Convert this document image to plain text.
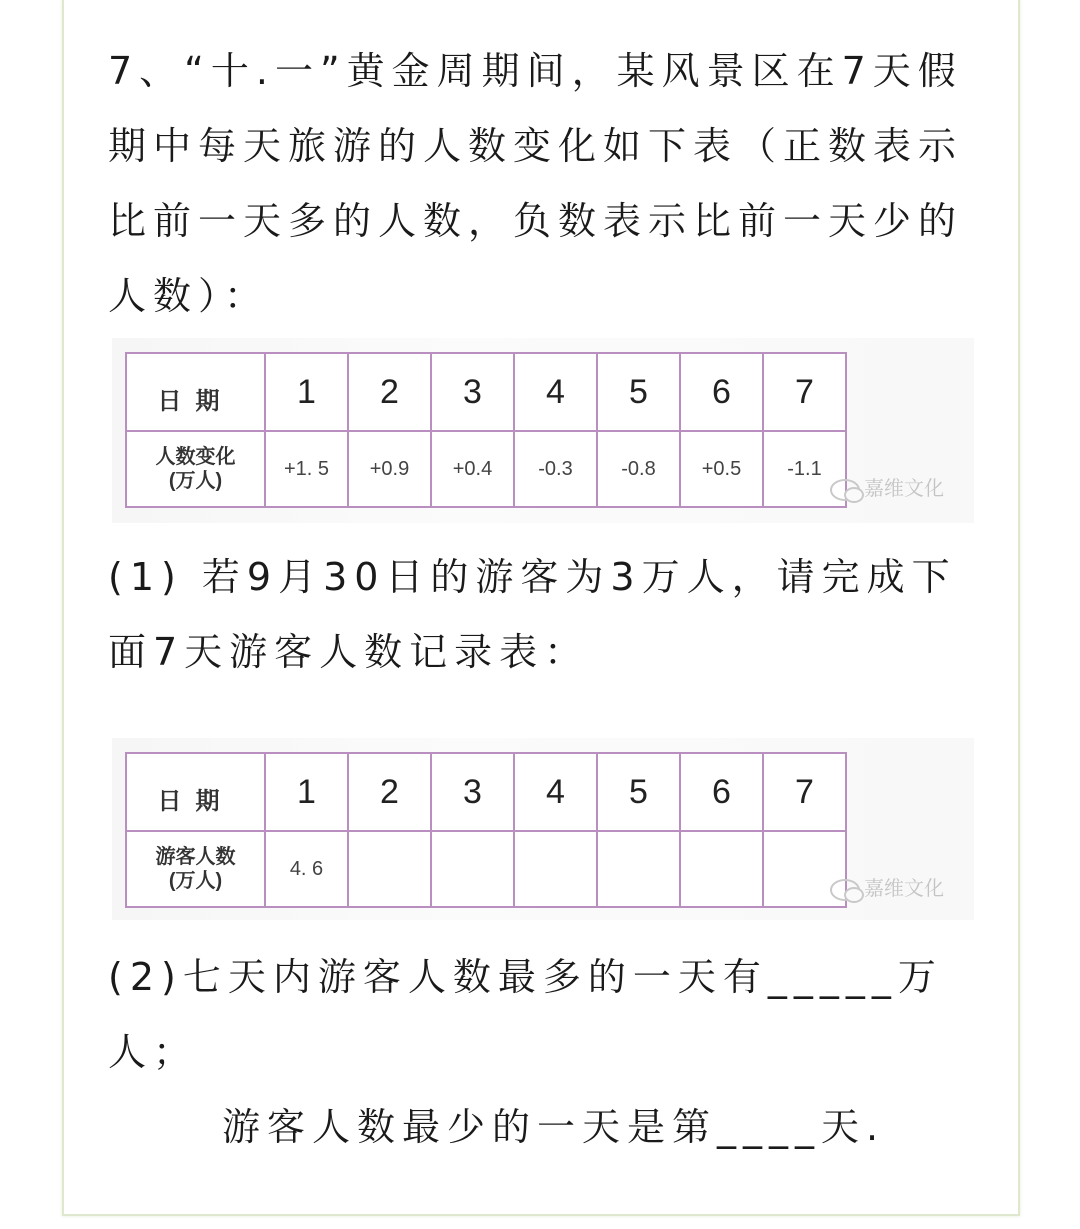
7、“十.一”黄金周期间，某风景区在7天假期中每天旅游的人数变化如下表（正数表示比前一天多的人数，负数表示比前一天少的人数）：

日期	1	2	3	4	5	6	7

人数变化
(万人)	+1. 5	+0.9	+0.4	-0.3	-0.8	+0.5	-1.1
嘉维文化

(1) 若9月30日的游客为3万人，请完成下面7天游客人数记录表：

日期	1	2	3	4	5	6	7

游客人数
(万人)	4. 6						
嘉维文化

(2)七天内游客人数最多的一天有_____万人；

游客人数最少的一天是第____天.
